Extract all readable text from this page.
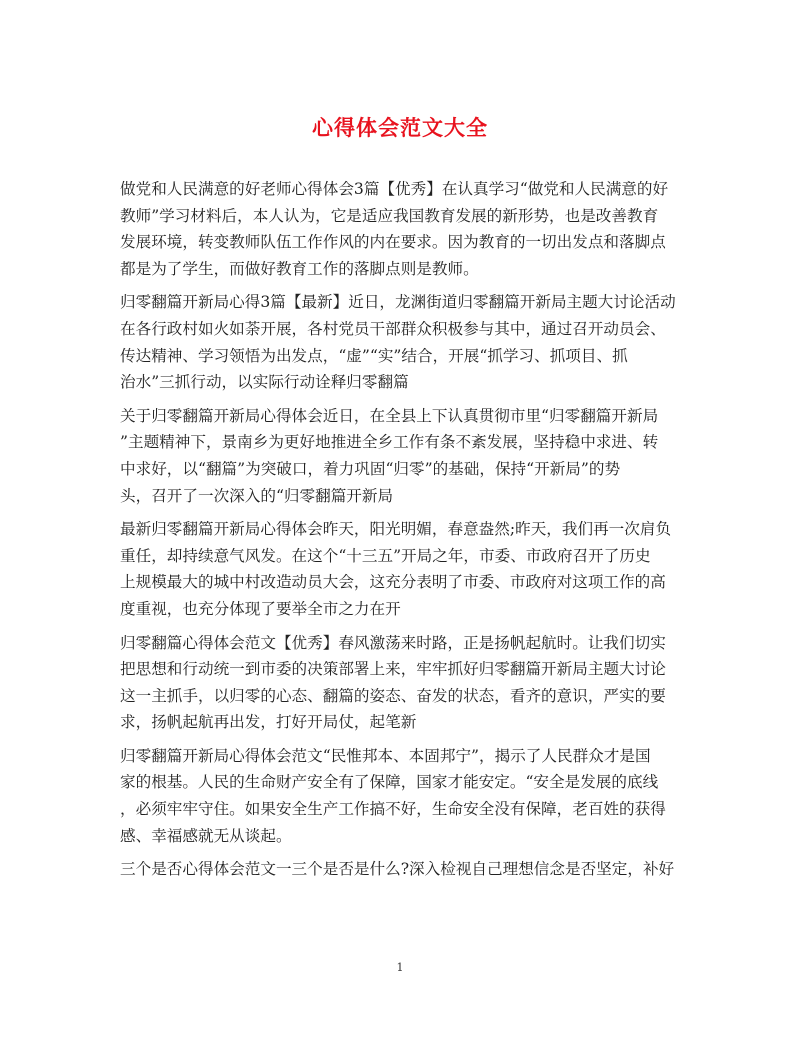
心得体会范文大全

做党和人民满意的好老师心得体会3篇【优秀】在认真学习“做党和人民满意的好
教师”学习材料后，本人认为，它是适应我国教育发展的新形势，也是改善教育
发展环境，转变教师队伍工作作风的内在要求。因为教育的一切出发点和落脚点
都是为了学生，而做好教育工作的落脚点则是教师。

归零翻篇开新局心得3篇【最新】近日，龙渊街道归零翻篇开新局主题大讨论活动
在各行政村如火如荼开展，各村党员干部群众积极参与其中，通过召开动员会、
传达精神、学习领悟为出发点，“虚”“实”结合，开展“抓学习、抓项目、抓
治水”三抓行动，以实际行动诠释归零翻篇

关于归零翻篇开新局心得体会近日，在全县上下认真贯彻市里“归零翻篇开新局
”主题精神下，景南乡为更好地推进全乡工作有条不紊发展，坚持稳中求进、转
中求好，以“翻篇”为突破口，着力巩固“归零”的基础，保持“开新局”的势
头，召开了一次深入的“归零翻篇开新局

最新归零翻篇开新局心得体会昨天，阳光明媚，春意盎然;昨天，我们再一次肩负
重任，却持续意气风发。在这个“十三五”开局之年，市委、市政府召开了历史
上规模最大的城中村改造动员大会，这充分表明了市委、市政府对这项工作的高
度重视，也充分体现了要举全市之力在开

归零翻篇心得体会范文【优秀】春风激荡来时路，正是扬帆起航时。让我们切实
把思想和行动统一到市委的决策部署上来，牢牢抓好归零翻篇开新局主题大讨论
这一主抓手，以归零的心态、翻篇的姿态、奋发的状态，看齐的意识，严实的要
求，扬帆起航再出发，打好开局仗，起笔新

归零翻篇开新局心得体会范文“民惟邦本、本固邦宁”，揭示了人民群众才是国
家的根基。人民的生命财产安全有了保障，国家才能安定。“安全是发展的底线
，必须牢牢守住。如果安全生产工作搞不好，生命安全没有保障，老百姓的获得
感、幸福感就无从谈起。

三个是否心得体会范文一三个是否是什么?深入检视自己理想信念是否坚定，补好

1
